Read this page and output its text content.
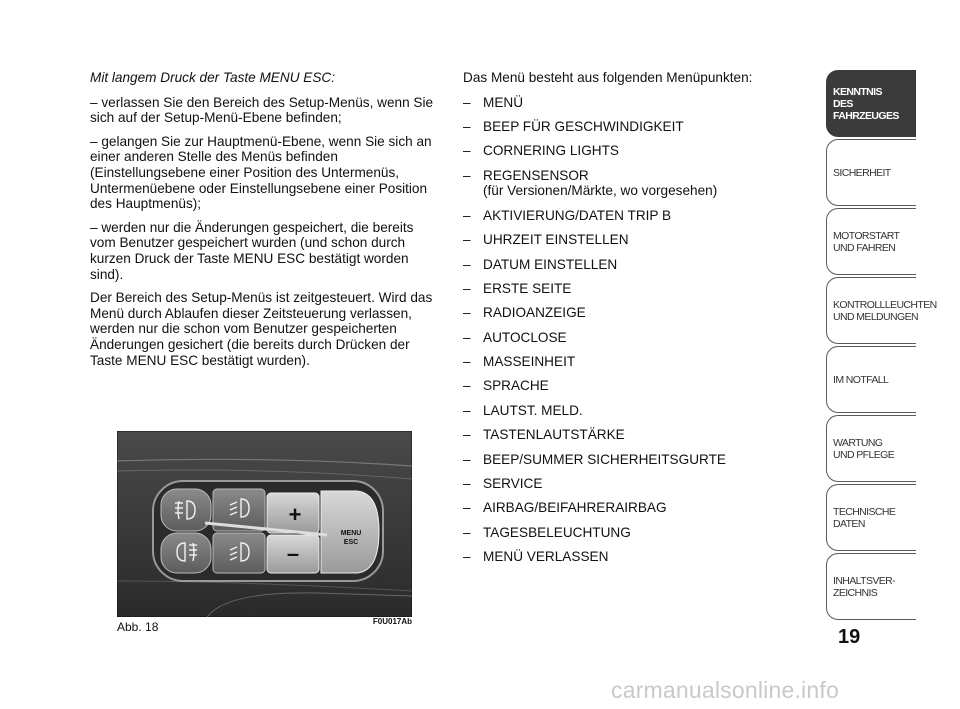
Mit langem Druck der Taste MENU ESC:

– verlassen Sie den Bereich des Setup-Menüs, wenn Sie sich auf der Setup-Menü-Ebene befinden;

– gelangen Sie zur Hauptmenü-Ebene, wenn Sie sich an einer anderen Stelle des Menüs befinden (Einstellungsebene einer Position des Untermenüs, Untermenüebene oder Einstellungsebene einer Position des Hauptmenüs);

– werden nur die Änderungen gespeichert, die bereits vom Benutzer gespeichert wurden (und schon durch kurzen Druck der Taste MENU ESC bestätigt worden sind).

Der Bereich des Setup-Menüs ist zeitgesteuert. Wird das Menü durch Ablaufen dieser Zeitsteuerung verlassen, werden nur die schon vom Benutzer gespeicherten Änderungen gesichert (die bereits durch Drücken der Taste MENU ESC bestätigt wurden).

Das Menü besteht aus folgenden Menüpunkten:
– MENÜ
– BEEP FÜR GESCHWINDIGKEIT
– CORNERING LIGHTS
– REGENSENSOR
(für Versionen/Märkte, wo vorgesehen)
– AKTIVIERUNG/DATEN TRIP B
– UHRZEIT EINSTELLEN
– DATUM EINSTELLEN
– ERSTE SEITE
– RADIOANZEIGE
– AUTOCLOSE
– MASSEINHEIT
– SPRACHE
– LAUTST. MELD.
– TASTENLAUTSTÄRKE
– BEEP/SUMMER SICHERHEITSGURTE
– SERVICE
– AIRBAG/BEIFAHRERAIRBAG
– TAGESBELEUCHTUNG
– MENÜ VERLASSEN
+
–
MENU
ESC
Abb. 18	F0U017Ab
KENNTNIS
DES FAHRZEUGES
SICHERHEIT
MOTORSTART
UND FAHREN
KONTROLLLEUCHTEN
UND MELDUNGEN
IM NOTFALL
WARTUNG
UND PFLEGE
TECHNISCHE DATEN
INHALTSVER-
ZEICHNIS
19
carmanualsonline.info
